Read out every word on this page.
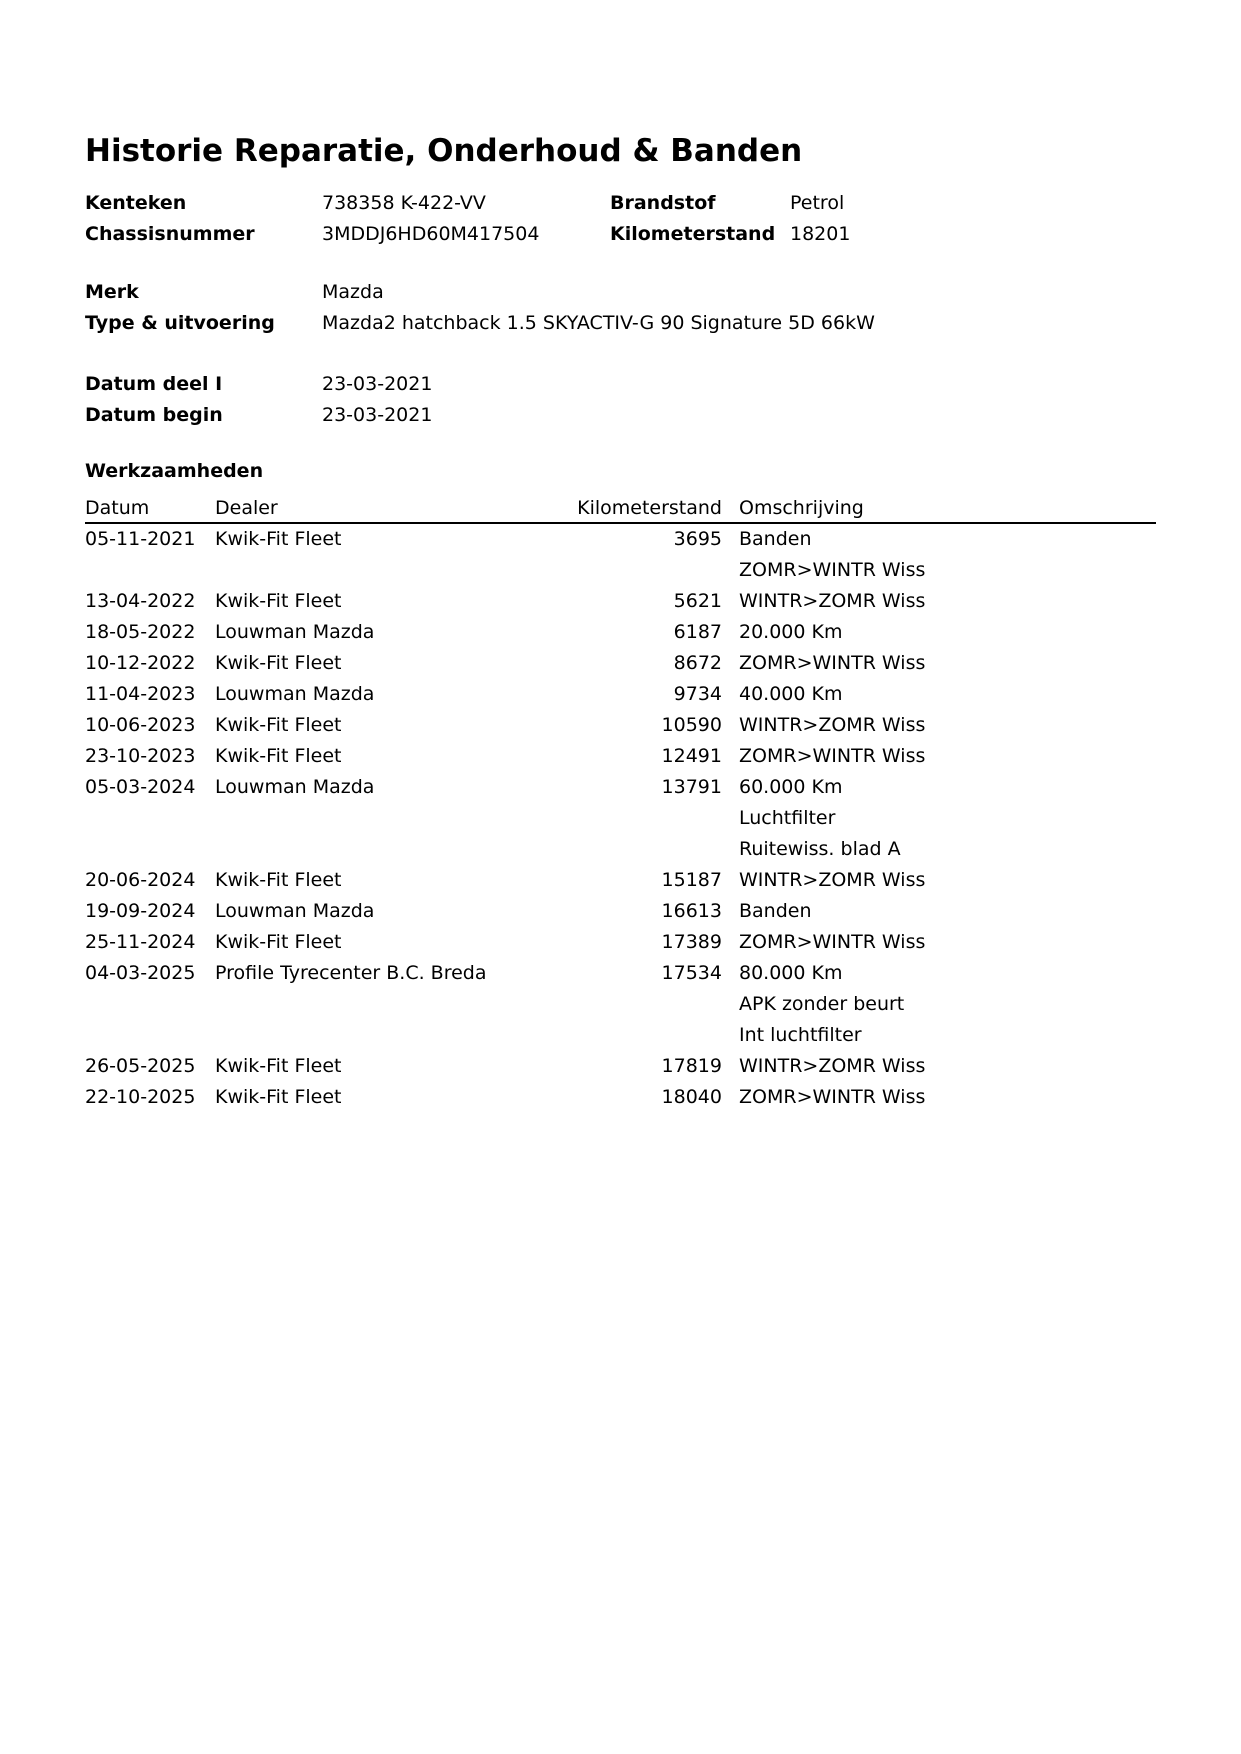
Historie Reparatie, Onderhoud & Banden
Kenteken	738358 K-422-VV	Brandstof	Petrol
Chassisnummer	3MDDJ6HD60M417504	Kilometerstand 18201
Merk	Mazda
Type & uitvoering	Mazda2 hatchback 1.5 SKYACTIV-G 90 Signature 5D 66kW
Datum deel I	23-03-2021
Datum begin	23-03-2021
Werkzaamheden
Datum	Dealer	Kilometerstand Omschrijving
05-11-2021	Kwik-Fit Fleet	3695 Banden
ZOMR>WINTR Wiss
13-04-2022	Kwik-Fit Fleet	5621 WINTR>ZOMR Wiss
18-05-2022	Louwman Mazda	6187 20.000 Km
10-12-2022	Kwik-Fit Fleet	8672 ZOMR>WINTR Wiss
11-04-2023	Louwman Mazda	9734 40.000 Km
10-06-2023	Kwik-Fit Fleet	10590 WINTR>ZOMR Wiss
23-10-2023	Kwik-Fit Fleet	12491 ZOMR>WINTR Wiss
05-03-2024	Louwman Mazda	13791 60.000 Km
Luchtfilter
Ruitewiss. blad A
20-06-2024	Kwik-Fit Fleet	15187 WINTR>ZOMR Wiss
19-09-2024	Louwman Mazda	16613 Banden
25-11-2024	Kwik-Fit Fleet	17389 ZOMR>WINTR Wiss
04-03-2025	Profile Tyrecenter B.C. Breda	17534 80.000 Km
APK zonder beurt
Int luchtfilter
26-05-2025	Kwik-Fit Fleet	17819 WINTR>ZOMR Wiss
22-10-2025	Kwik-Fit Fleet	18040 ZOMR>WINTR Wiss
